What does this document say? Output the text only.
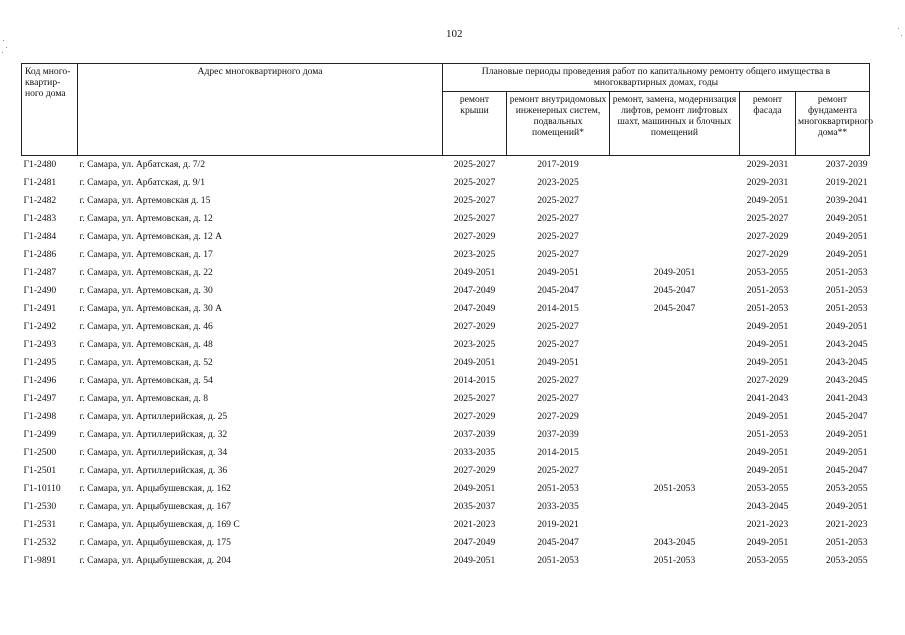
102
Код много-квартир-ного дома	Адрес многоквартирного дома	Плановые периоды проведения работ по капитальному ремонту общего имущества в многоквартирных домах, годы				
		ремонт крыши	ремонт внутридомовых инженерных систем, подвальных помещений*	ремонт, замена, модернизация лифтов, ремонт лифтовых шахт, машинных и блочных помещений	ремонт фасада	ремонт фундамента многоквартирного дома**
Г1-2480	г. Самара, ул. Арбатская, д. 7/2	2025-2027	2017-2019		2029-2031	2037-2039
Г1-2481	г. Самара, ул. Арбатская, д. 9/1	2025-2027	2023-2025		2029-2031	2019-2021
Г1-2482	г. Самара, ул. Артемовская д. 15	2025-2027	2025-2027		2049-2051	2039-2041
Г1-2483	г. Самара, ул. Артемовская, д. 12	2025-2027	2025-2027		2025-2027	2049-2051
Г1-2484	г. Самара, ул. Артемовская, д. 12 А	2027-2029	2025-2027		2027-2029	2049-2051
Г1-2486	г. Самара, ул. Артемовская, д. 17	2023-2025	2025-2027		2027-2029	2049-2051
Г1-2487	г. Самара, ул. Артемовская, д. 22	2049-2051	2049-2051	2049-2051	2053-2055	2051-2053
Г1-2490	г. Самара, ул. Артемовская, д. 30	2047-2049	2045-2047	2045-2047	2051-2053	2051-2053
Г1-2491	г. Самара, ул. Артемовская, д. 30 А	2047-2049	2014-2015	2045-2047	2051-2053	2051-2053
Г1-2492	г. Самара, ул. Артемовская, д. 46	2027-2029	2025-2027		2049-2051	2049-2051
Г1-2493	г. Самара, ул. Артемовская, д. 48	2023-2025	2025-2027		2049-2051	2043-2045
Г1-2495	г. Самара, ул. Артемовская, д. 52	2049-2051	2049-2051		2049-2051	2043-2045
Г1-2496	г. Самара, ул. Артемовская, д. 54	2014-2015	2025-2027		2027-2029	2043-2045
Г1-2497	г. Самара, ул. Артемовская, д. 8	2025-2027	2025-2027		2041-2043	2041-2043
Г1-2498	г. Самара, ул. Артиллерийская, д. 25	2027-2029	2027-2029		2049-2051	2045-2047
Г1-2499	г. Самара, ул. Артиллерийская, д. 32	2037-2039	2037-2039		2051-2053	2049-2051
Г1-2500	г. Самара, ул. Артиллерийская, д. 34	2033-2035	2014-2015		2049-2051	2049-2051
Г1-2501	г. Самара, ул. Артиллерийская, д. 36	2027-2029	2025-2027		2049-2051	2045-2047
Г1-10110	г. Самара, ул. Арцыбушевская, д. 162	2049-2051	2051-2053	2051-2053	2053-2055	2053-2055
Г1-2530	г. Самара, ул. Арцыбушевская, д. 167	2035-2037	2033-2035		2043-2045	2049-2051
Г1-2531	г. Самара, ул. Арцыбушевская, д. 169 С	2021-2023	2019-2021		2021-2023	2021-2023
Г1-2532	г. Самара, ул. Арцыбушевская, д. 175	2047-2049	2045-2047	2043-2045	2049-2051	2051-2053
Г1-9891	г. Самара, ул. Арцыбушевская, д. 204	2049-2051	2051-2053	2051-2053	2053-2055	2053-2055
